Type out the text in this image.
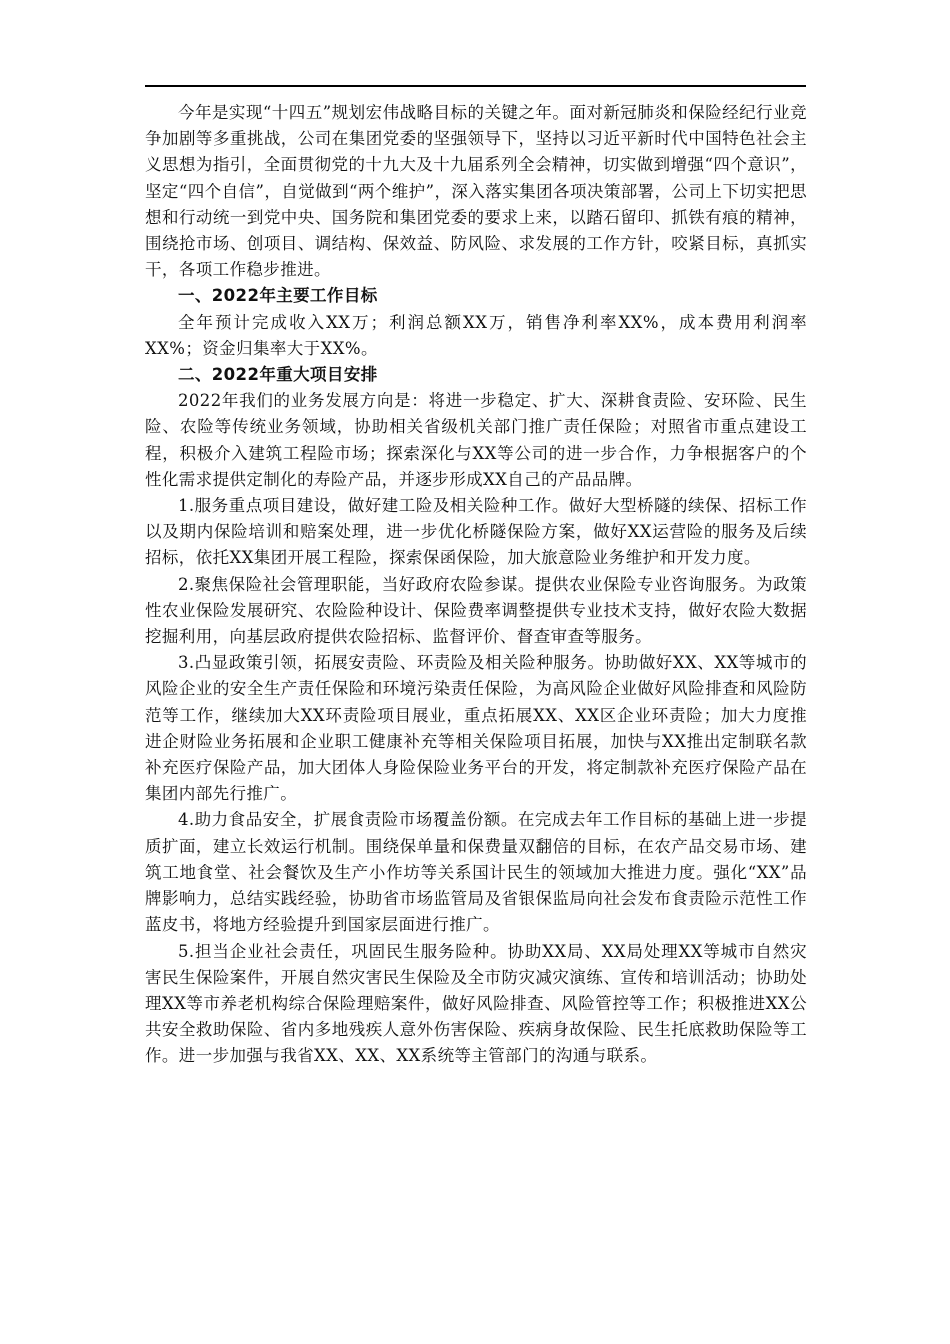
今年是实现“十四五”规划宏伟战略目标的关键之年。面对新冠肺炎和保险经纪行业竞争加剧等多重挑战，公司在集团党委的坚强领导下，坚持以习近平新时代中国特色社会主义思想为指引，全面贯彻党的十九大及十九届系列全会精神，切实做到增强“四个意识”，坚定“四个自信”，自觉做到“两个维护”，深入落实集团各项决策部署，公司上下切实把思想和行动统一到党中央、国务院和集团党委的要求上来，以踏石留印、抓铁有痕的精神，围绕抢市场、创项目、调结构、保效益、防风险、求发展的工作方针，咬紧目标，真抓实干，各项工作稳步推进。

一、2022年主要工作目标

全年预计完成收入XX万；利润总额XX万，销售净利率XX%，成本费用利润率XX%；资金归集率大于XX%。

二、2022年重大项目安排

2022年我们的业务发展方向是：将进一步稳定、扩大、深耕食责险、安环险、民生险、农险等传统业务领域，协助相关省级机关部门推广责任保险；对照省市重点建设工程，积极介入建筑工程险市场；探索深化与XX等公司的进一步合作，力争根据客户的个性化需求提供定制化的寿险产品，并逐步形成XX自己的产品品牌。

1.服务重点项目建设，做好建工险及相关险种工作。做好大型桥隧的续保、招标工作以及期内保险培训和赔案处理，进一步优化桥隧保险方案，做好XX运营险的服务及后续招标，依托XX集团开展工程险，探索保函保险，加大旅意险业务维护和开发力度。

2.聚焦保险社会管理职能，当好政府农险参谋。提供农业保险专业咨询服务。为政策性农业保险发展研究、农险险种设计、保险费率调整提供专业技术支持，做好农险大数据挖掘利用，向基层政府提供农险招标、监督评价、督查审查等服务。

3.凸显政策引领，拓展安责险、环责险及相关险种服务。协助做好XX、XX等城市的风险企业的安全生产责任保险和环境污染责任保险，为高风险企业做好风险排查和风险防范等工作，继续加大XX环责险项目展业，重点拓展XX、XX区企业环责险；加大力度推进企财险业务拓展和企业职工健康补充等相关保险项目拓展，加快与XX推出定制联名款补充医疗保险产品，加大团体人身险保险业务平台的开发，将定制款补充医疗保险产品在集团内部先行推广。

4.助力食品安全，扩展食责险市场覆盖份额。在完成去年工作目标的基础上进一步提质扩面，建立长效运行机制。围绕保单量和保费量双翻倍的目标，在农产品交易市场、建筑工地食堂、社会餐饮及生产小作坊等关系国计民生的领域加大推进力度。强化“XX”品牌影响力，总结实践经验，协助省市场监管局及省银保监局向社会发布食责险示范性工作蓝皮书，将地方经验提升到国家层面进行推广。

5.担当企业社会责任，巩固民生服务险种。协助XX局、XX局处理XX等城市自然灾害民生保险案件，开展自然灾害民生保险及全市防灾减灾演练、宣传和培训活动；协助处理XX等市养老机构综合保险理赔案件，做好风险排查、风险管控等工作；积极推进XX公共安全救助保险、省内多地残疾人意外伤害保险、疾病身故保险、民生托底救助保险等工作。进一步加强与我省XX、XX、XX系统等主管部门的沟通与联系。
